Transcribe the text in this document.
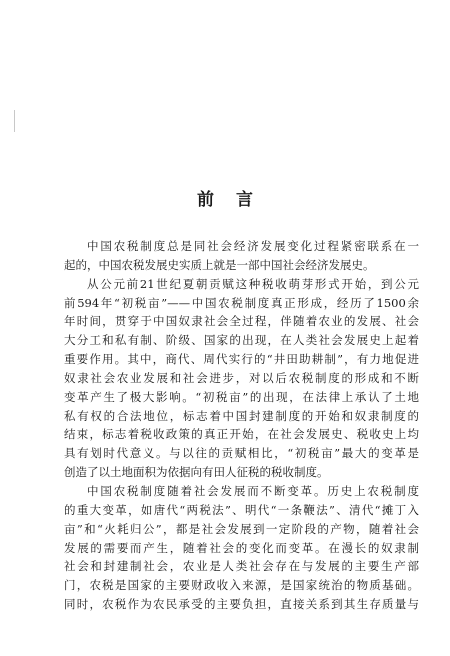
前言
中国农税制度总是同社会经济发展变化过程紧密联系在一
起的，中国农税发展史实质上就是一部中国社会经济发展史。
从公元前21世纪夏朝贡赋这种税收萌芽形式开始，到公元
前594年“初税亩”——中国农税制度真正形成，经历了1500余
年时间，贯穿于中国奴隶社会全过程，伴随着农业的发展、社会
大分工和私有制、阶级、国家的出现，在人类社会发展史上起着
重要作用。其中，商代、周代实行的“井田助耕制”，有力地促进
奴隶社会农业发展和社会进步，对以后农税制度的形成和不断
变革产生了极大影响。“初税亩”的出现，在法律上承认了土地
私有权的合法地位，标志着中国封建制度的开始和奴隶制度的
结束，标志着税收政策的真正开始，在社会发展史、税收史上均
具有划时代意义。与以往的贡赋相比，“初税亩”最大的变革是
创造了以土地面积为依据向有田人征税的税收制度。
中国农税制度随着社会发展而不断变革。历史上农税制度
的重大变革，如唐代“两税法”、明代“一条鞭法”、清代“摊丁入
亩”和“火耗归公”，都是社会发展到一定阶段的产物，随着社会
发展的需要而产生，随着社会的变化而变革。在漫长的奴隶制
社会和封建制社会，农业是人类社会存在与发展的主要生产部
门，农税是国家的主要财政收入来源，是国家统治的物质基础。
同时，农税作为农民承受的主要负担，直接关系到其生存质量与
